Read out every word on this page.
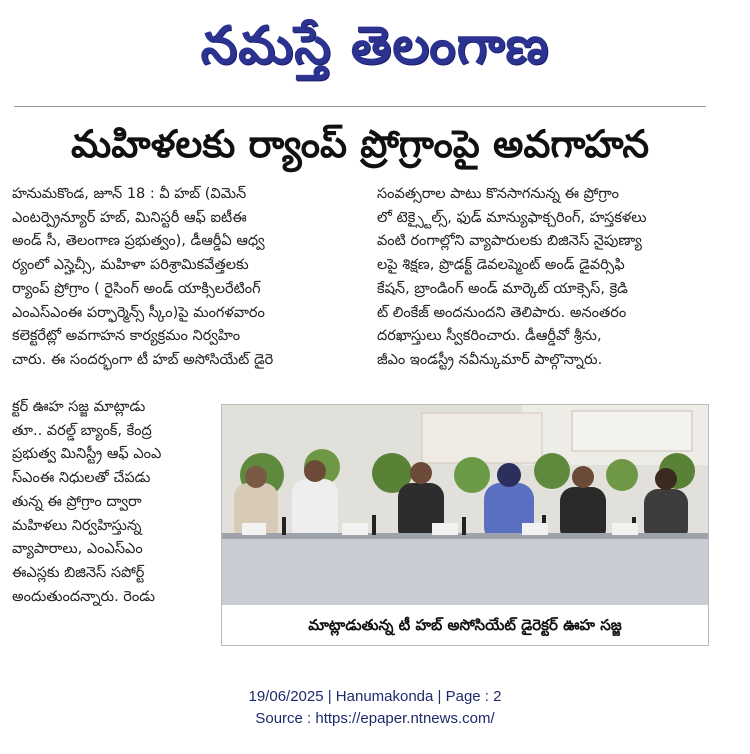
నమస్తే తెలంగాణ
మహిళలకు ర్యాంప్ ప్రోగ్రాంపై అవగాహన
హనుమకొండ, జూన్ 18 : వీ హబ్ (విమెన్
ఎంటర్ప్రెన్యూర్ హబ్, మినిస్టరీ ఆఫ్ ఐటీఈ
అండ్ సీ, తెలంగాణ ప్రభుత్వం), డీఆర్డీఏ ఆధ్వ
ర్యంలో ఎస్హెచ్సీ, మహిళా పరిశ్రామికవేత్తలకు
ర్యాంప్ ప్రోగ్రాం ( రైసింగ్ అండ్ యాక్సిలరేటింగ్
ఎంఎస్ఎంఈ పర్ఫార్మెన్స్ స్కీం)పై మంగళవారం
కలెక్టరేట్లో అవగాహన కార్యక్రమం నిర్వహిం
చారు. ఈ సందర్భంగా టీ హబ్ అసోసియేట్ డైరె
క్టర్ ఊహ సజ్జ మాట్లాడు
తూ.. వరల్డ్ బ్యాంక్, కేంద్ర
ప్రభుత్వ మినిస్ట్రీ ఆఫ్ ఎంఎ
స్ఎంఈ నిధులతో చేపడు
తున్న ఈ ప్రోగ్రాం ద్వారా
మహిళలు నిర్వహిస్తున్న
వ్యాపారాలు, ఎంఎస్ఎం
ఈఎస్లకు బిజినెస్ సపోర్ట్
అందుతుందన్నారు. రెండు
సంవత్సరాల పాటు కొనసాగనున్న ఈ ప్రోగ్రాం
లో టెక్స్టైల్స్, ఫుడ్ మాన్యుఫాక్చరింగ్, హస్తకళలు
వంటి రంగాల్లోని వ్యాపారులకు బిజినెస్ నైపుణ్యా
లపై శిక్షణ, ప్రొడక్ట్ డెవలప్మెంట్ అండ్ డైవర్సిఫి
కేషన్, బ్రాండింగ్ అండ్ మార్కెట్ యాక్సెస్, క్రెడి
ట్ లింకేజ్ అందనుందని తెలిపారు. అనంతరం
దరఖాస్తులు స్వీకరించారు. డీఆర్డీవో శ్రీను,
జీఎం ఇండస్ట్రీ నవీన్కుమార్ పాల్గొన్నారు.
మాట్లాడుతున్న టీ హబ్ అసోసియేట్ డైరెక్టర్ ఊహ సజ్జ
19/06/2025 | Hanumakonda | Page : 2
Source : https://epaper.ntnews.com/
